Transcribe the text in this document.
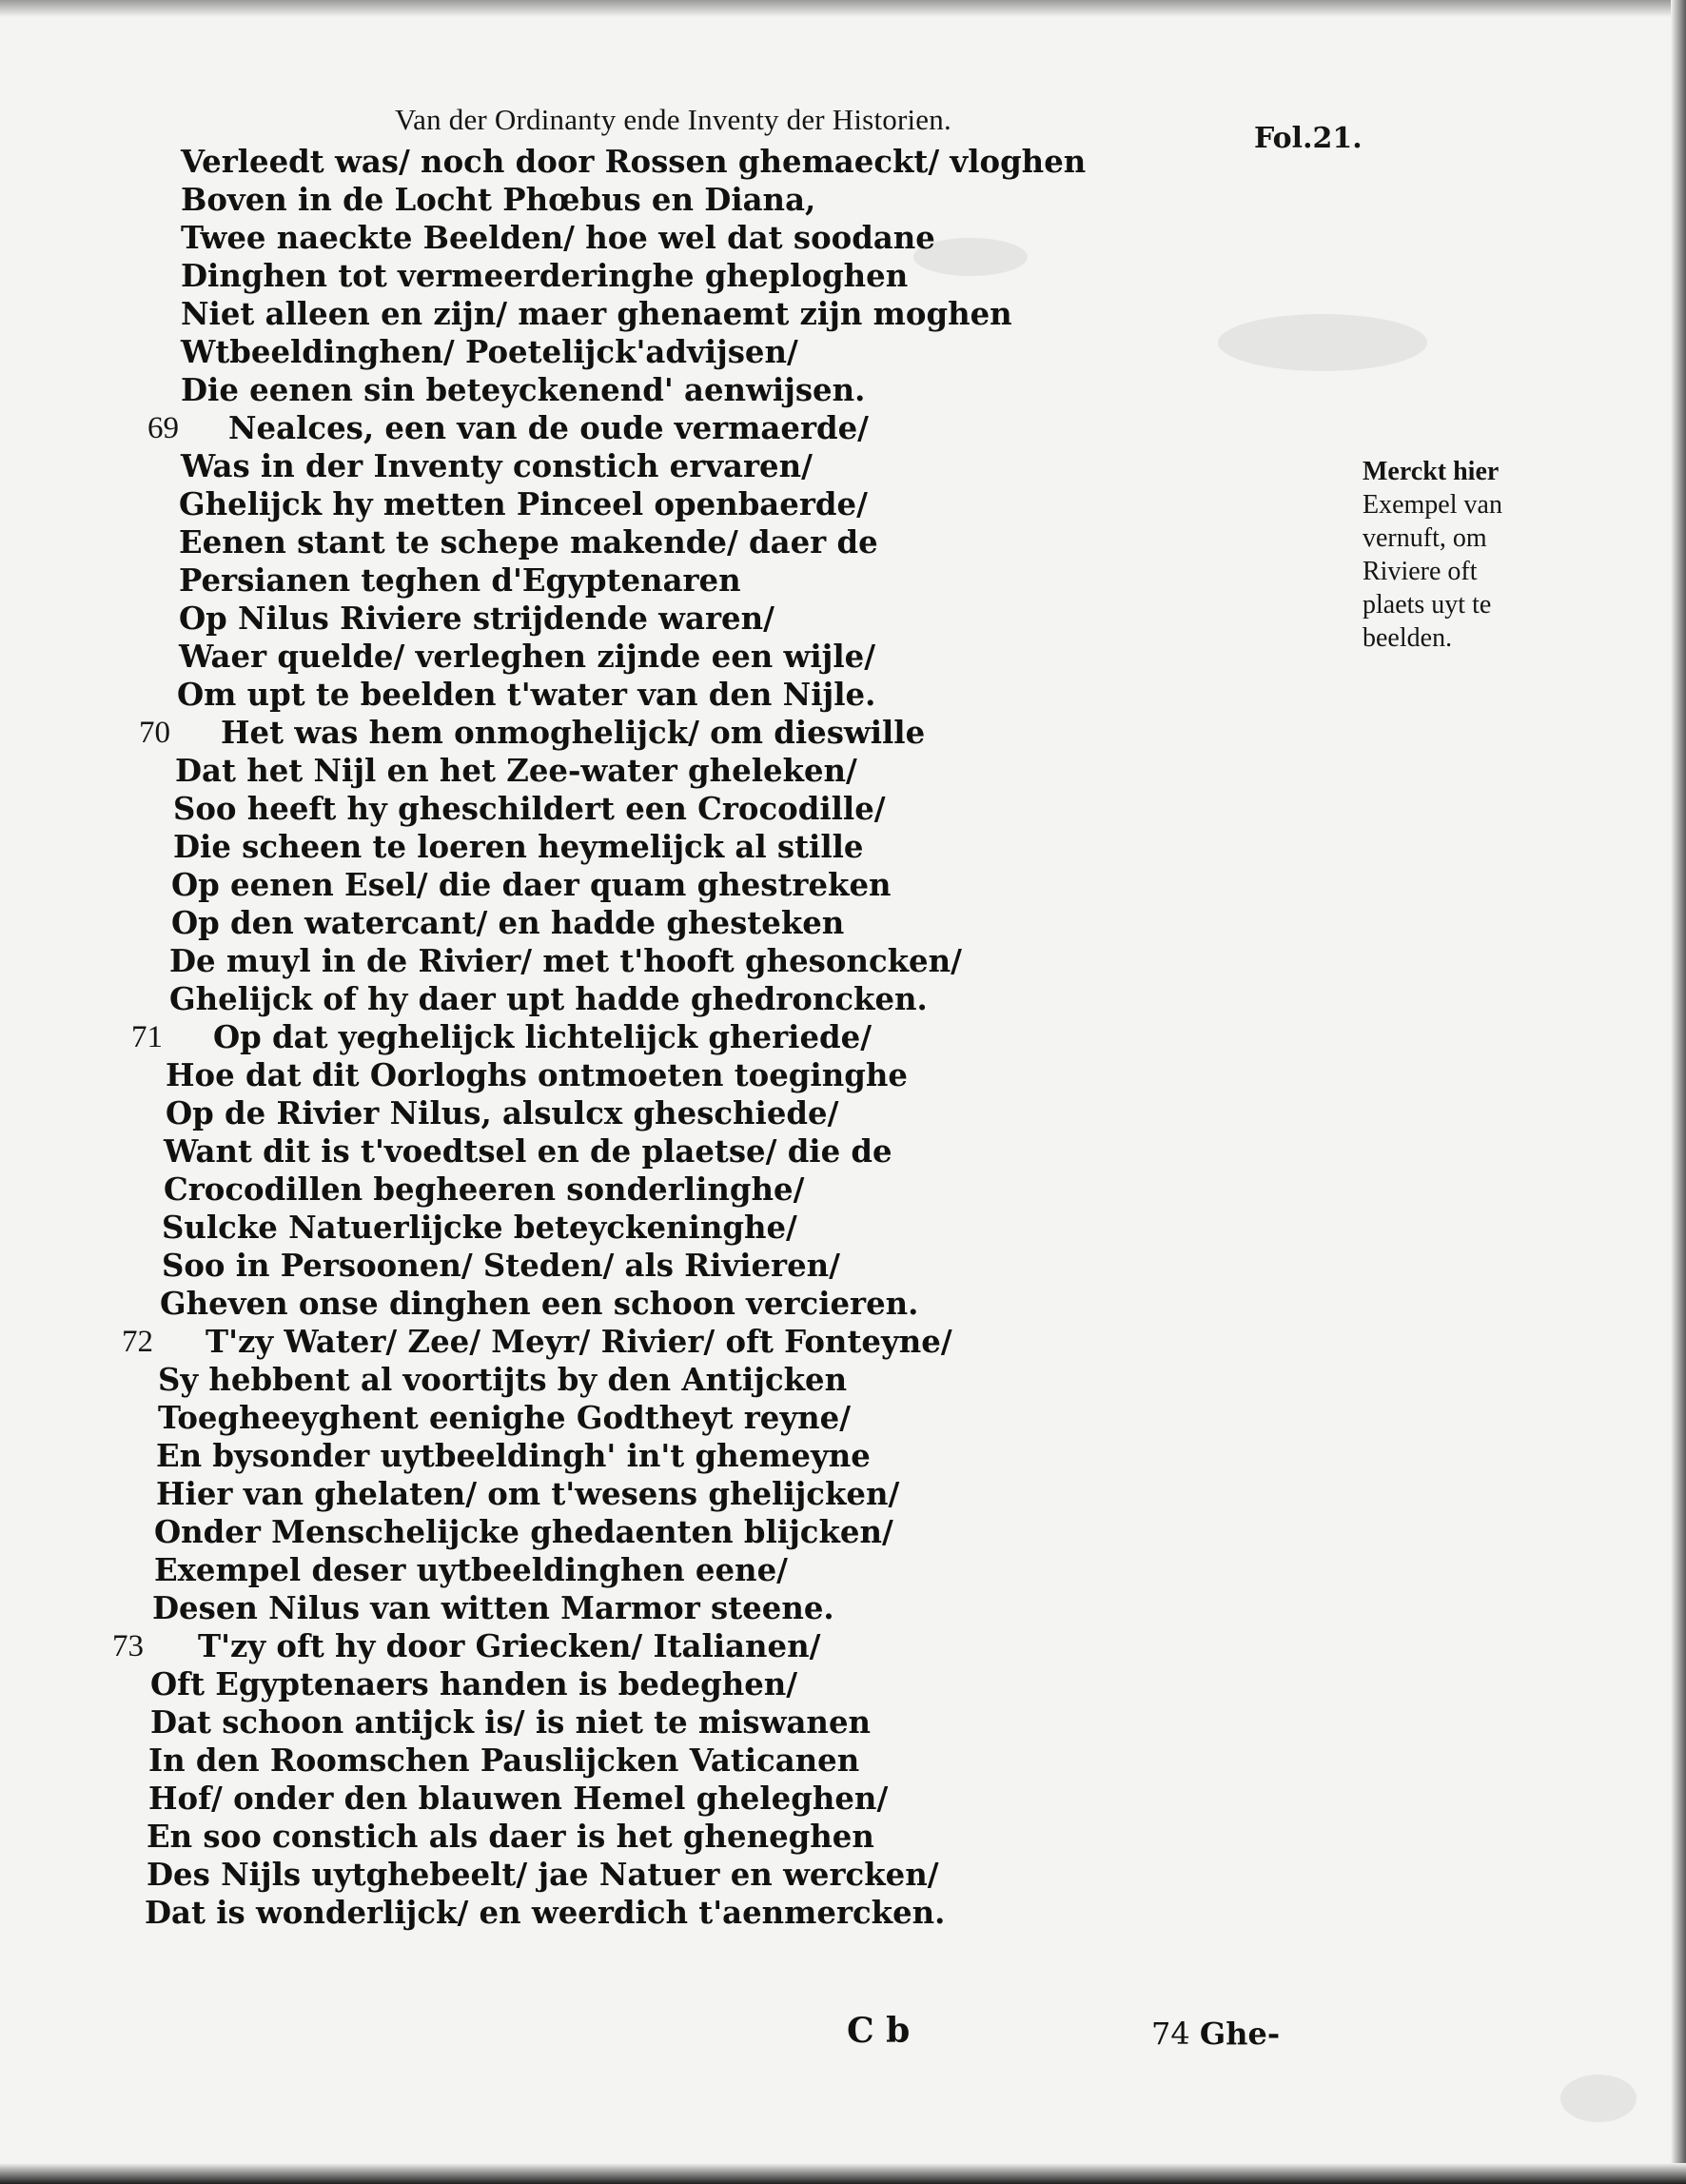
Van der Ordinanty ende Inventy der Historien.
Fol.21.
Verleedt was/ noch door Rossen ghemaeckt/ vloghen
Boven in de Locht Phœbus en Diana,
Twee naeckte Beelden/ hoe wel dat soodane
Dinghen tot vermeerderinghe gheploghen
Niet alleen en zijn/ maer ghenaemt zijn moghen
Wtbeeldinghen/ Poetelijck'advijsen/
Die eenen sin beteyckenend' aenwijsen.
69 Nealces, een van de oude vermaerde/
Was in der Inventy constich ervaren/
Ghelijck hy metten Pinceel openbaerde/
Eenen stant te schepe makende/ daer de
Persianen teghen d'Egyptenaren
Op Nilus Riviere strijdende waren/
Waer quelde/ verleghen zijnde een wijle/
Om upt te beelden t'water van den Nijle.
70 Het was hem onmoghelijck/ om dieswille
Dat het Nijl en het Zee-water gheleken/
Soo heeft hy gheschildert een Crocodille/
Die scheen te loeren heymelijck al stille
Op eenen Esel/ die daer quam ghestreken
Op den watercant/ en hadde ghesteken
De muyl in de Rivier/ met t'hooft ghesoncken/
Ghelijck of hy daer upt hadde ghedroncken.
71 Op dat yeghelijck lichtelijck gheriede/
Hoe dat dit Oorloghs ontmoeten toeginghe
Op de Rivier Nilus, alsulcx gheschiede/
Want dit is t'voedtsel en de plaetse/ die de
Crocodillen begheeren sonderlinghe/
Sulcke Natuerlijcke beteyckeninghe/
Soo in Persoonen/ Steden/ als Rivieren/
Gheven onse dinghen een schoon vercieren.
72 T'zy Water/ Zee/ Meyr/ Rivier/ oft Fonteyne/
Sy hebbent al voortijts by den Antijcken
Toegheeyghent eenighe Godtheyt reyne/
En bysonder uytbeeldingh' in't ghemeyne
Hier van ghelaten/ om t'wesens ghelijcken/
Onder Menschelijcke ghedaenten blijcken/
Exempel deser uytbeeldinghen eene/
Desen Nilus van witten Marmor steene.
73 T'zy oft hy door Griecken/ Italianen/
Oft Egyptenaers handen is bedeghen/
Dat schoon antijck is/ is niet te miswanen
In den Roomschen Pauslijcken Vaticanen
Hof/ onder den blauwen Hemel gheleghen/
En soo constich als daer is het gheneghen
Des Nijls uytghebeelt/ jae Natuer en wercken/
Dat is wonderlijck/ en weerdich t'aenmercken.
Merckt hier
Exempel van
vernuft, om
Riviere oft
plaets uyt te
beelden.
C b	74 Ghe-
